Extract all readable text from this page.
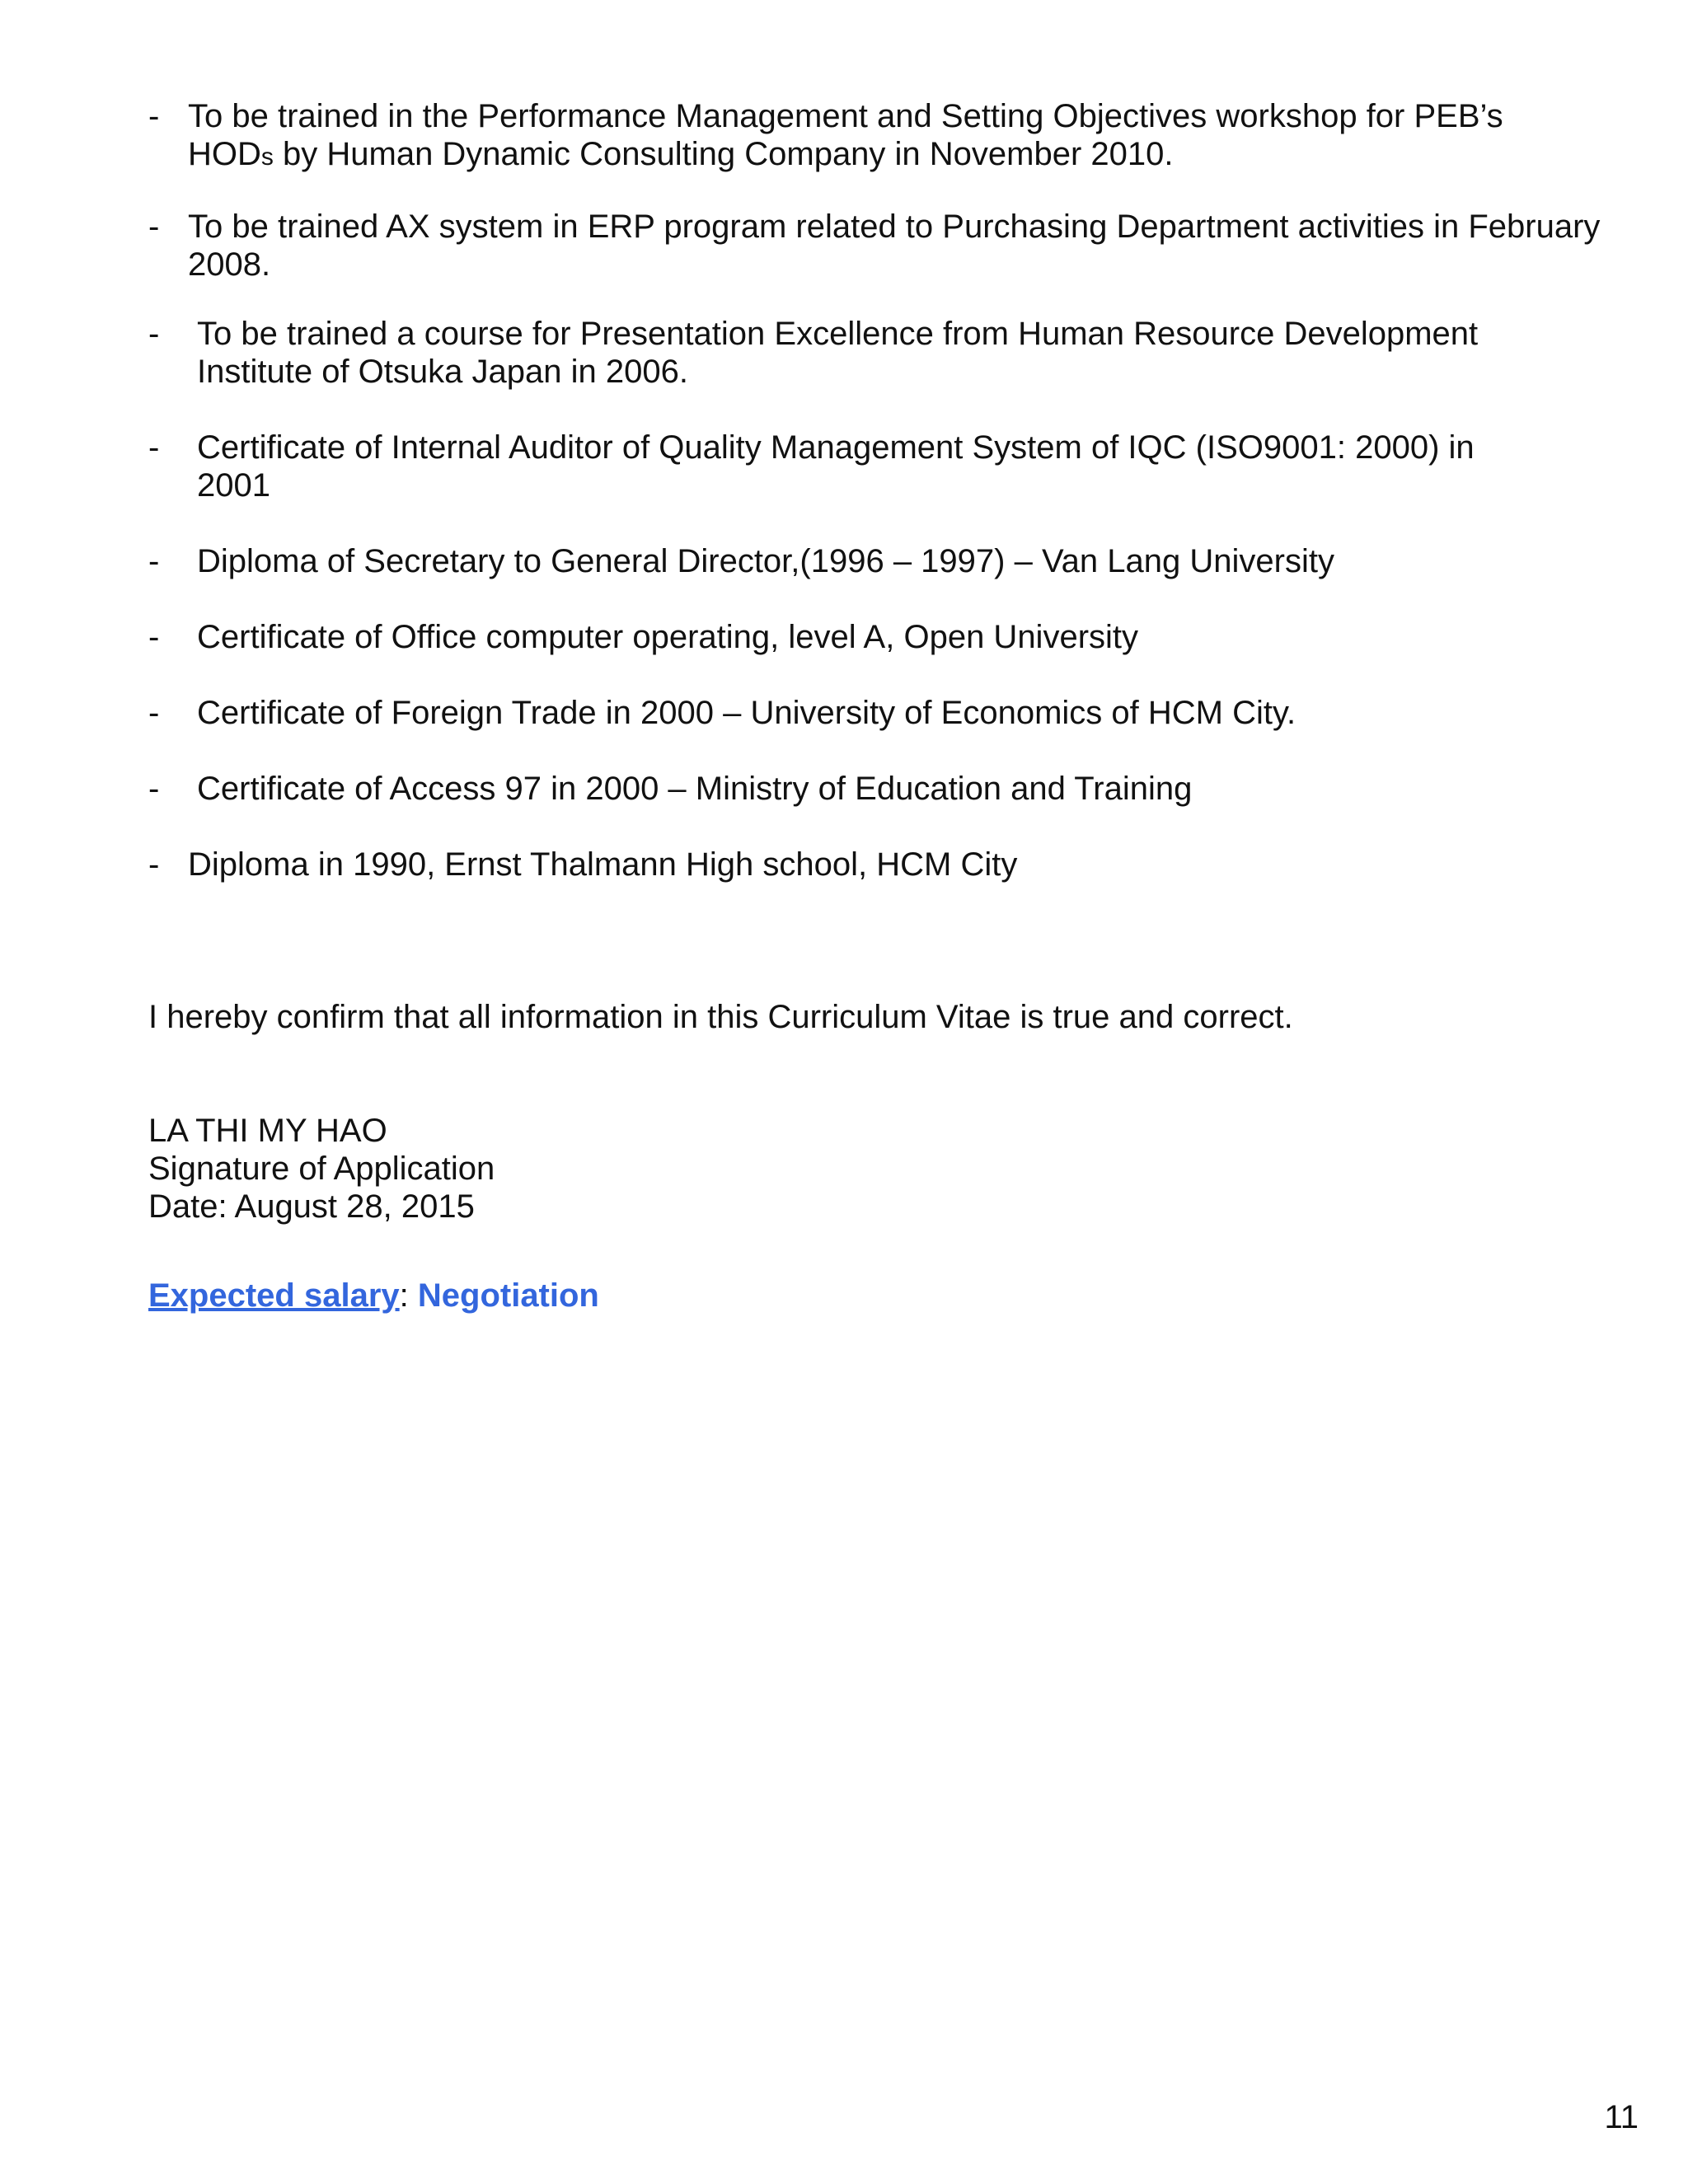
- To be trained in the Performance Management and Setting Objectives workshop for PEB’s
HODs by Human Dynamic Consulting Company in November 2010.
- To be trained AX system in ERP program related to Purchasing Department activities in February
2008.
- To be trained a course for Presentation Excellence from Human Resource Development
Institute of Otsuka Japan in 2006.
- Certificate of Internal Auditor of Quality Management System of IQC (ISO9001: 2000) in
2001
- Diploma of Secretary to General Director,(1996 – 1997) – Van Lang University
- Certificate of Office computer operating, level A, Open University
- Certificate of Foreign Trade in 2000 – University of Economics of HCM City.
- Certificate of Access 97 in 2000 – Ministry of Education and Training
- Diploma in 1990, Ernst Thalmann High school, HCM City

I hereby confirm that all information in this Curriculum Vitae is true and correct.

LA THI MY HAO
Signature of Application
Date: August 28, 2015
Expected salary: Negotiation
11
